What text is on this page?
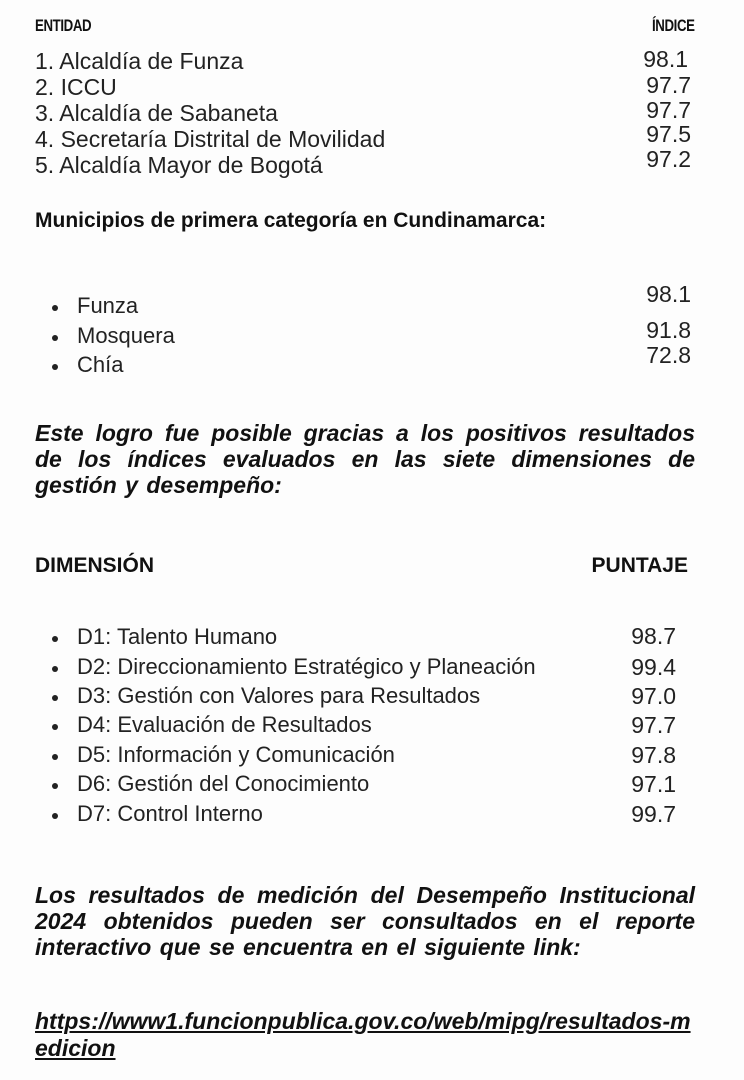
ENTIDAD	ÍNDICE
1. Alcaldía de Funza	98.1
2. ICCU	97.7
3. Alcaldía de Sabaneta	97.7
4. Secretaría Distrital de Movilidad	97.5
5. Alcaldía Mayor de Bogotá	97.2
Municipios de primera categoría en Cundinamarca:
Funza	98.1
Mosquera	91.8
Chía	72.8
Este logro fue posible gracias a los positivos resultados de los índices evaluados en las siete dimensiones de gestión y desempeño:
DIMENSIÓN	PUNTAJE
D1: Talento Humano	98.7
D2: Direccionamiento Estratégico y Planeación	99.4
D3: Gestión con Valores para Resultados	97.0
D4: Evaluación de Resultados	97.7
D5: Información y Comunicación	97.8
D6: Gestión del Conocimiento	97.1
D7: Control Interno	99.7
Los resultados de medición del Desempeño Institucional 2024 obtenidos pueden ser consultados en el reporte interactivo que se encuentra en el siguiente link:
https://www1.funcionpublica.gov.co/web/mipg/resultados-medicion
